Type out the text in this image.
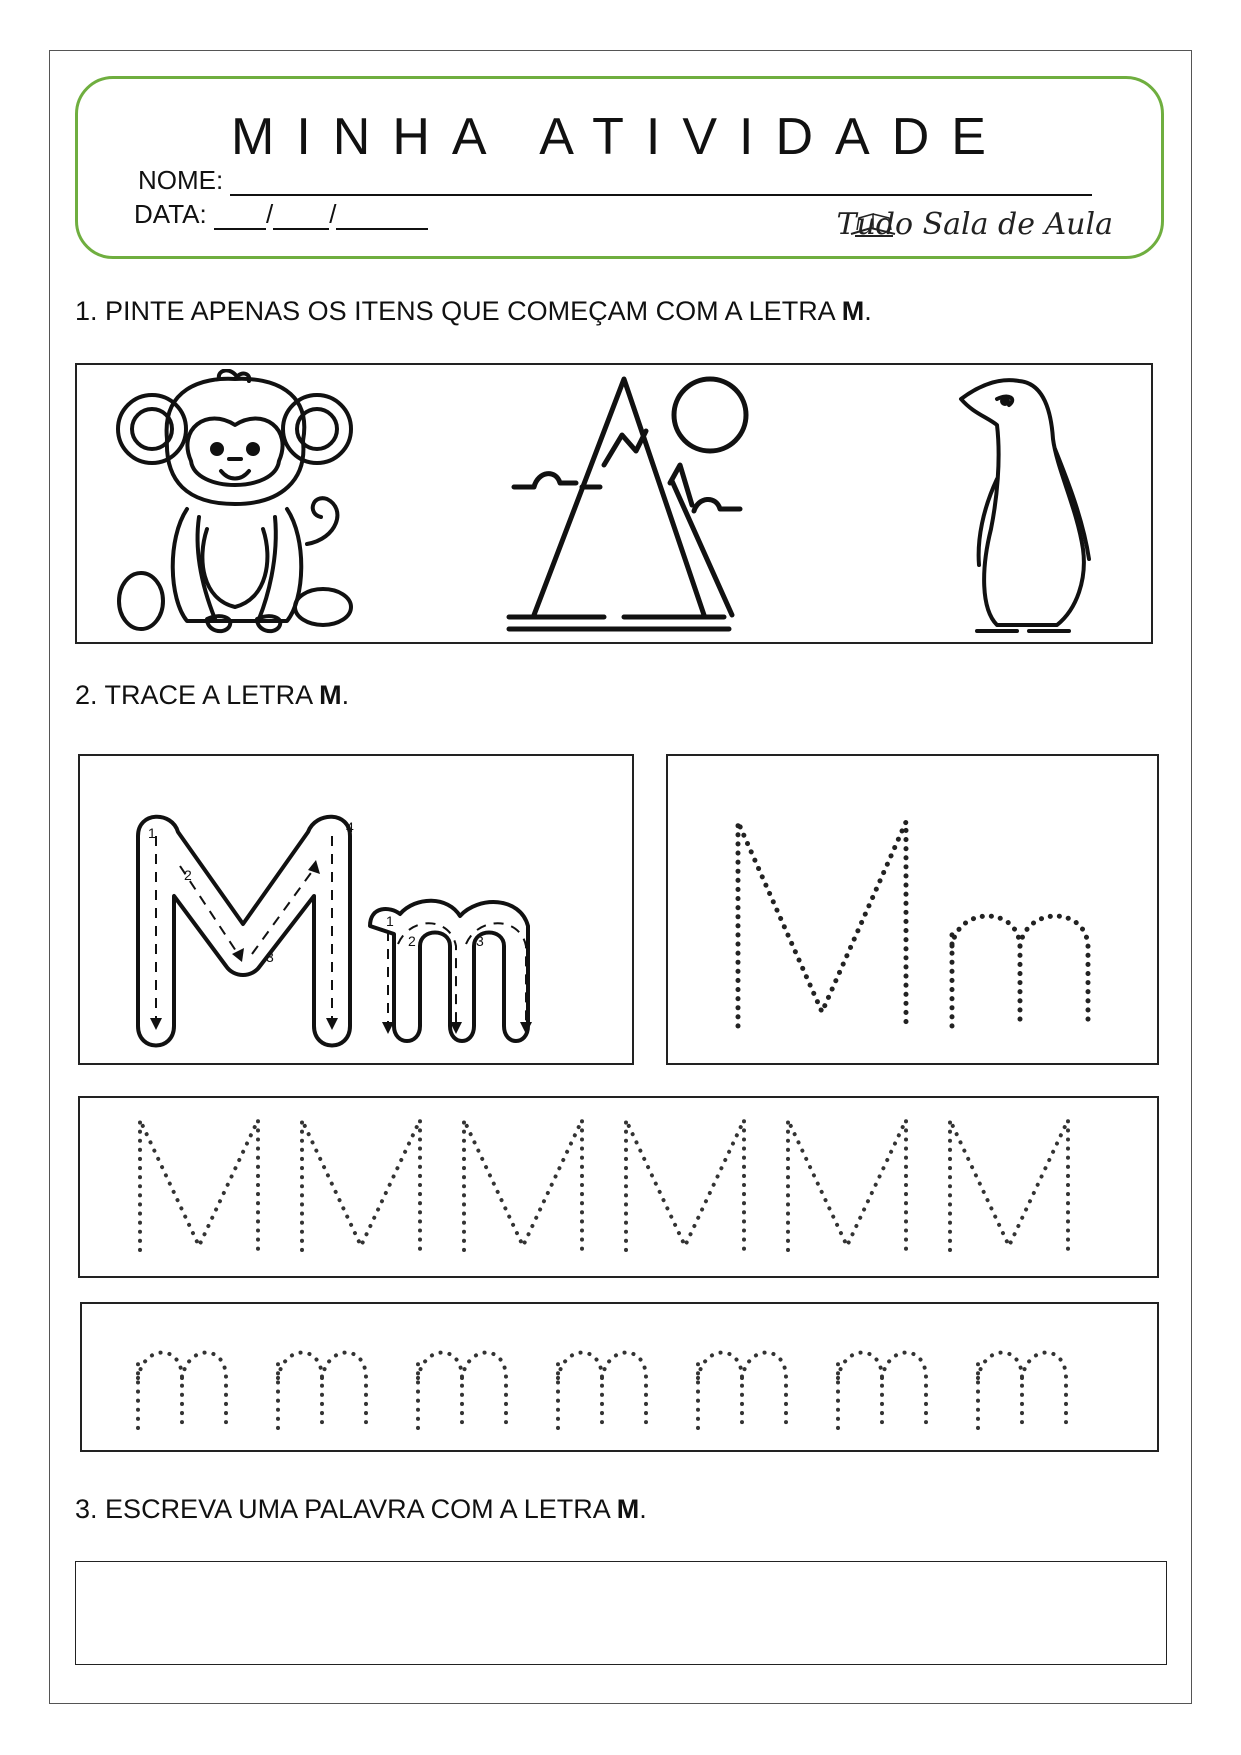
MINHA ATIVIDADE
NOME:
DATA: / /	Tudo Sala de Aula
1. PINTE APENAS OS ITENS QUE COMEÇAM COM A LETRA M.
2. TRACE A LETRA M.
1
2
3
4
1
2	3
3. ESCREVA UMA PALAVRA COM A LETRA M.
